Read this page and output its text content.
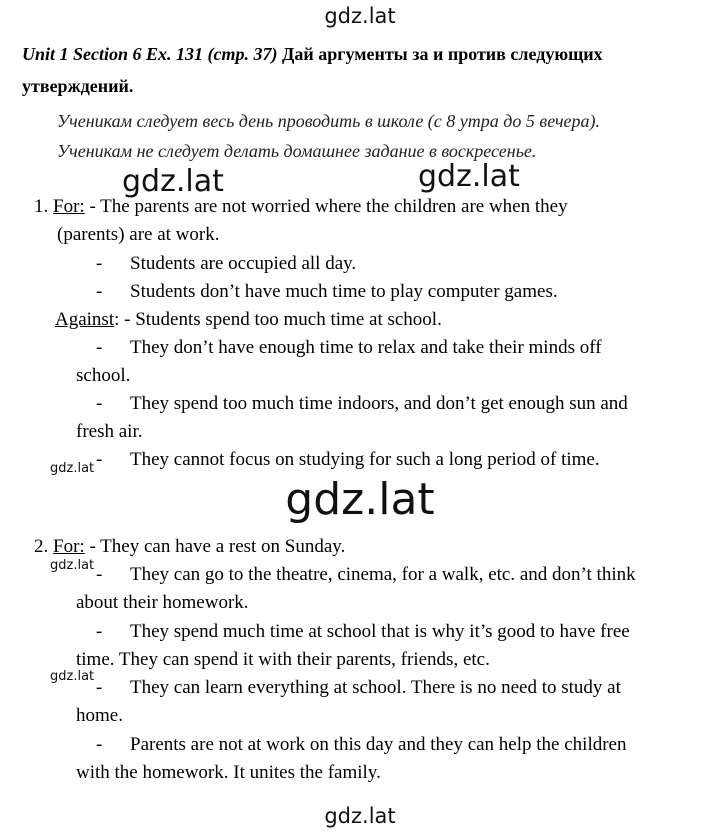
gdz.lat
gdz.lat	gdz.lat
gdz.lat
gdz.lat
gdz.lat
gdz.lat
gdz.lat
Unit 1 Section 6 Ex. 131 (стр. 37) Дай аргументы за и против следующих утверждений.
Ученикам следует весь день проводить в школе (с 8 утра до 5 вечера).
Ученикам не следует делать домашнее задание в воскресенье.
1. For: - The parents are not worried where the children are when they
(parents) are at work.
- Students are occupied all day.
- Students don’t have much time to play computer games.
Against: - Students spend too much time at school.
- They don’t have enough time to relax and take their minds off
school.
- They spend too much time indoors, and don’t get enough sun and
fresh air.
- They cannot focus on studying for such a long period of time.
2. For: - They can have a rest on Sunday.
- They can go to the theatre, cinema, for a walk, etc. and don’t think
about their homework.
- They spend much time at school that is why it’s good to have free
time. They can spend it with their parents, friends, etc.
- They can learn everything at school. There is no need to study at
home.
- Parents are not at work on this day and they can help the children
with the homework. It unites the family.
